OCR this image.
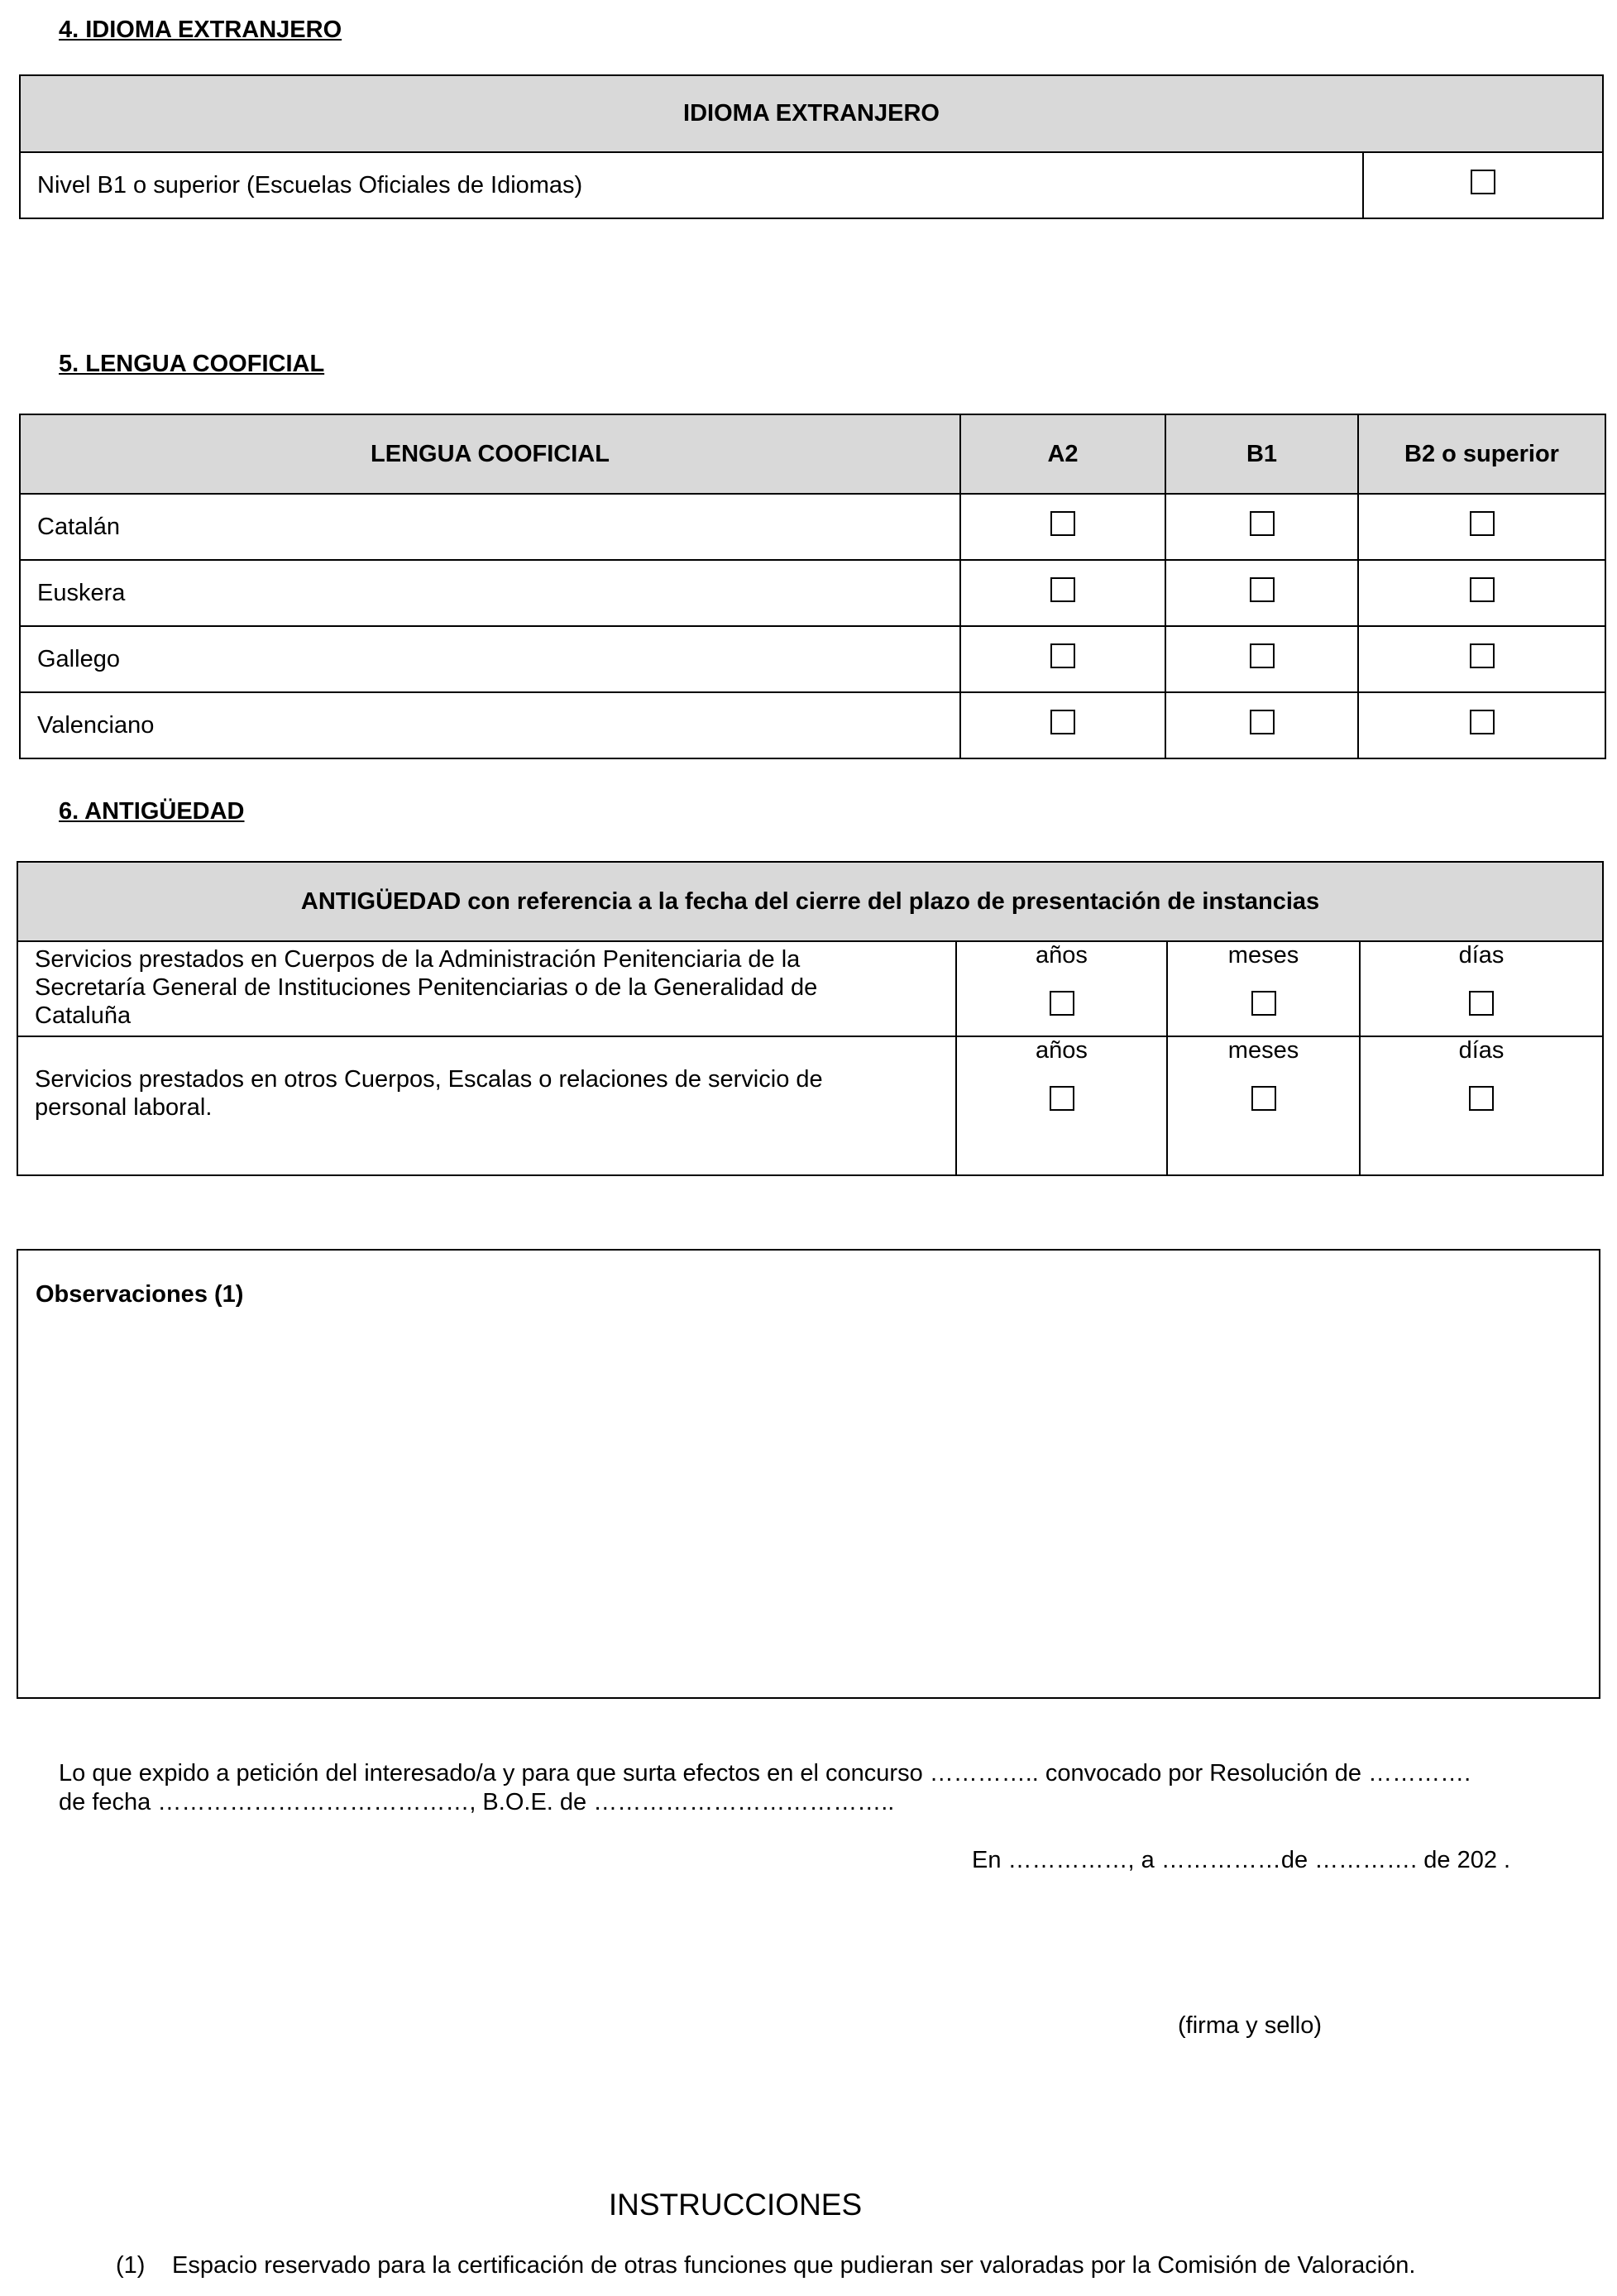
4. IDIOMA EXTRANJERO
IDIOMA EXTRANJERO
Nivel B1 o superior (Escuelas Oficiales de Idiomas)	
5. LENGUA COOFICIAL
LENGUA COOFICIAL	A2	B1	B2 o superior
Catalán			
Euskera			
Gallego			
Valenciano			
6. ANTIGÜEDAD
ANTIGÜEDAD con referencia a la fecha del cierre del plazo de presentación de instancias			
Servicios prestados en Cuerpos de la Administración Penitenciaria de la Secretaría General de Instituciones Penitenciarias o de la Generalidad de Cataluña	años	meses	días

Servicios prestados en otros Cuerpos, Escalas o relaciones de servicio de personal laboral.	años	meses	días
Observaciones (1)
Lo que expido a petición del interesado/a y para que surta efectos en el concurso ………….. convocado por Resolución de ………….
de fecha …………………………………, B.O.E. de ………………………………..
En ……………, a ……………de …………. de 202 .
(firma y sello)
INSTRUCCIONES
(1) Espacio reservado para la certificación de otras funciones que pudieran ser valoradas por la Comisión de Valoración.
